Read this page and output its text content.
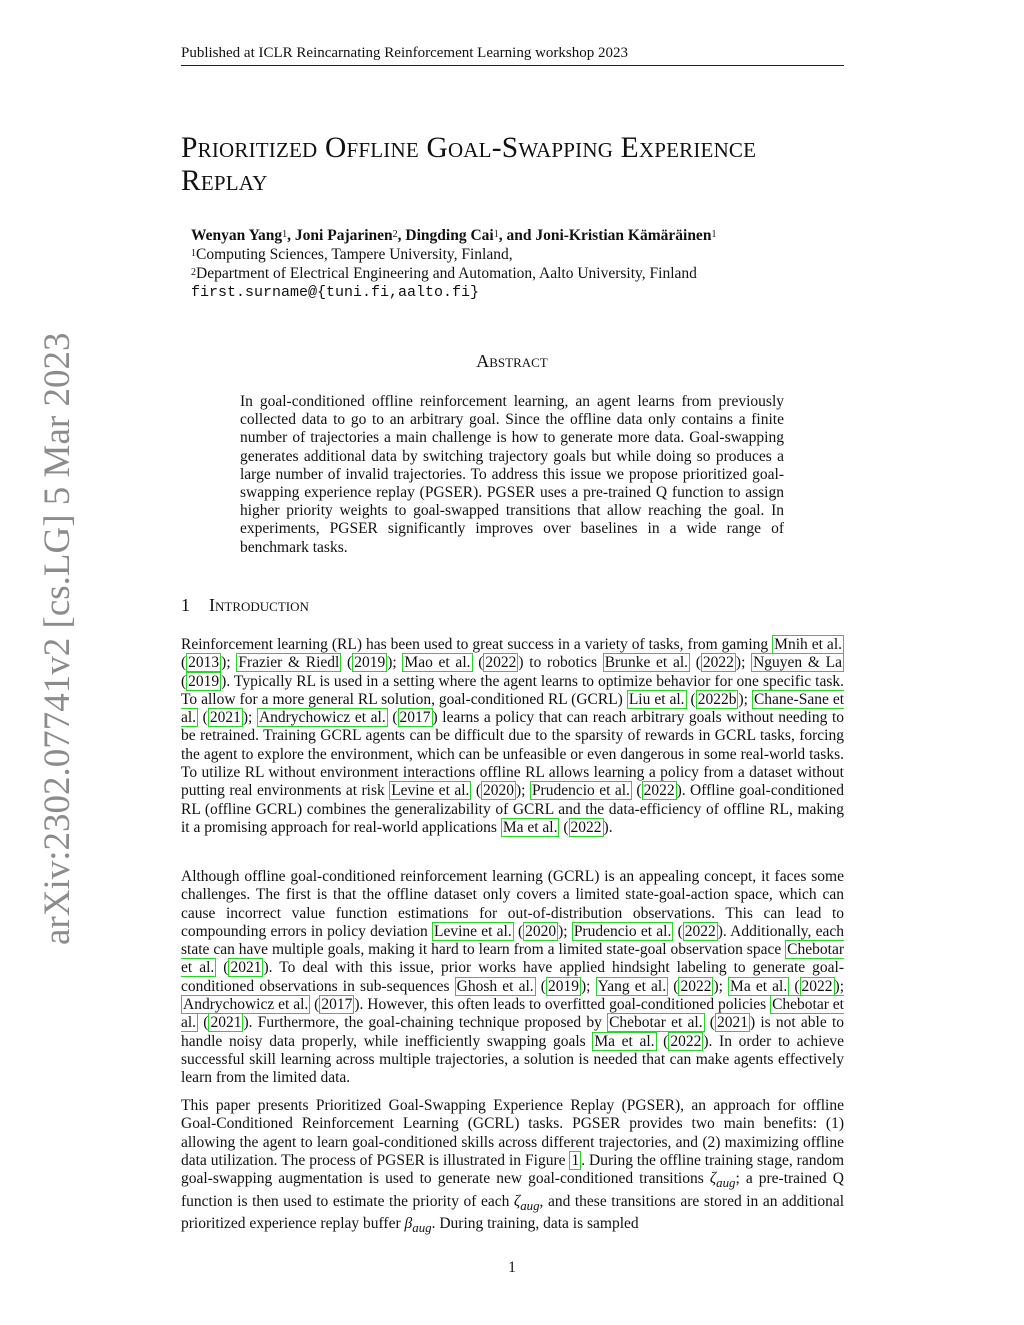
Published at ICLR Reincarnating Reinforcement Learning workshop 2023
Prioritized Offline Goal-Swapping Experience Replay
Wenyan Yang$^1$, Joni Pajarinen$^2$, Dingding Cai$^1$, and Joni-Kristian Kämäräinen$^1$
$^1$Computing Sciences, Tampere University, Finland,
$^2$Department of Electrical Engineering and Automation, Aalto University, Finland
first.surname@{tuni.fi,aalto.fi}
arXiv:2302.07741v2 [cs.LG] 5 Mar 2023	Abstract
In goal-conditioned offline reinforcement learning, an agent learns from previously collected data to go to an arbitrary goal. Since the offline data only contains a finite number of trajectories a main challenge is how to generate more data. Goal-swapping generates additional data by switching trajectory goals but while doing so produces a large number of invalid trajectories. To address this issue we propose prioritized goal-swapping experience replay (PGSER). PGSER uses a pre-trained Q function to assign higher priority weights to goal-swapped transitions that allow reaching the goal. In experiments, PGSER significantly improves over baselines in a wide range of benchmark tasks.
1 Introduction

Reinforcement learning (RL) has been used to great success in a variety of tasks, from gaming Mnih et al. ( 2013 ); Frazier & Riedl ( 2019 ); Mao et al. ( 2022 ) to robotics Brunke et al. ( 2022 ); Nguyen & La ( 2019 ). Typically RL is used in a setting where the agent learns to optimize behavior for one specific task. To allow for a more general RL solution, goal-conditioned RL (GCRL) Liu et al. ( 2022b ); Chane-Sane et al. ( 2021 ); Andrychowicz et al. ( 2017 ) learns a policy that can reach arbitrary goals without needing to be retrained. Training GCRL agents can be difficult due to the sparsity of rewards in GCRL tasks, forcing the agent to explore the environment, which can be unfeasible or even dangerous in some real-world tasks. To utilize RL without environment interactions offline RL allows learning a policy from a dataset without putting real environments at risk Levine et al. ( 2020 ); Prudencio et al. ( 2022 ). Offline goal-conditioned RL (offline GCRL) combines the generalizability of GCRL and the data-efficiency of offline RL, making it a promising approach for real-world applications Ma et al. ( 2022 ).

Although offline goal-conditioned reinforcement learning (GCRL) is an appealing concept, it faces some challenges. The first is that the offline dataset only covers a limited state-goal-action space, which can cause incorrect value function estimations for out-of-distribution observations. This can lead to compounding errors in policy deviation Levine et al. ( 2020 ); Prudencio et al. ( 2022 ). Additionally, each state can have multiple goals, making it hard to learn from a limited state-goal observation space Chebotar et al. ( 2021 ). To deal with this issue, prior works have applied hindsight labeling to generate goal-conditioned observations in sub-sequences Ghosh et al. ( 2019 ); Yang et al. ( 2022 ); Ma et al. ( 2022 ); Andrychowicz et al. ( 2017 ). However, this often leads to overfitted goal-conditioned policies Chebotar et al. ( 2021 ). Furthermore, the goal-chaining technique proposed by Chebotar et al. ( 2021 ) is not able to handle noisy data properly, while inefficiently swapping goals Ma et al. ( 2022 ). In order to achieve successful skill learning across multiple trajectories, a solution is needed that can make agents effectively learn from the limited data.

This paper presents Prioritized Goal-Swapping Experience Replay (PGSER), an approach for offline Goal-Conditioned Reinforcement Learning (GCRL) tasks. PGSER provides two main benefits: (1) allowing the agent to learn goal-conditioned skills across different trajectories, and (2) maximizing offline data utilization. The process of PGSER is illustrated in Figure 1 . During the offline training stage, random goal-swapping augmentation is used to generate new goal-conditioned transitions $\zeta_{aug}$; a pre-trained Q function is then used to estimate the priority of each $\zeta_{aug}$, and these transitions are stored in an additional prioritized experience replay buffer $\beta_{aug}$. During training, data is sampled

1
